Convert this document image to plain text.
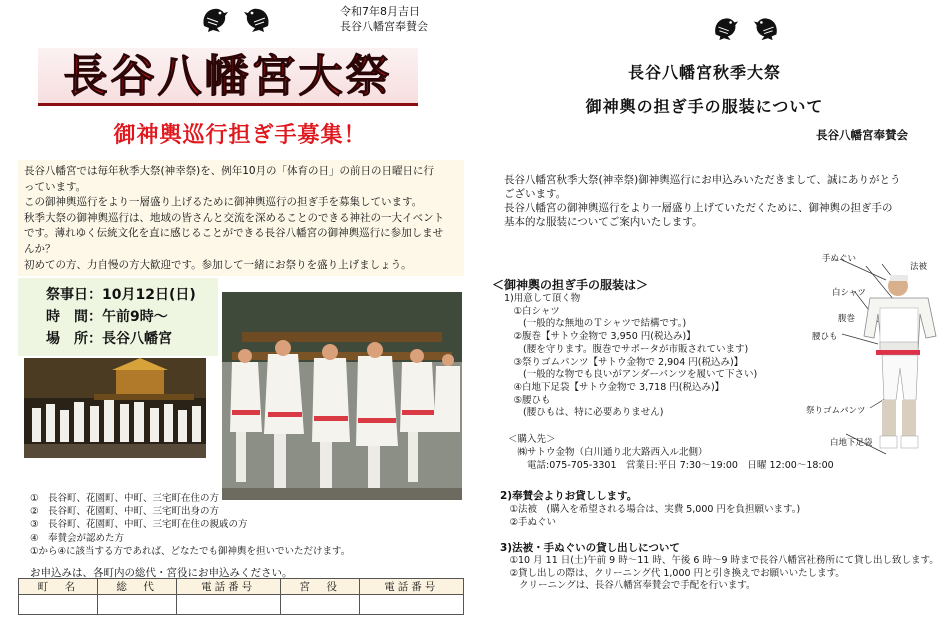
令和7年8月吉日
長谷八幡宮奉賛会
長谷八幡宮大祭
御神輿巡行担ぎ手募集！

長谷八幡宮では毎年秋季大祭(神幸祭)を、例年10月の「体育の日」の前日の日曜日に行

っています。

この御神輿巡行をより一層盛り上げるために御神輿巡行の担ぎ手を募集しています。

秋季大祭の御神輿巡行は、地域の皆さんと交流を深めることのできる神社の一大イベント

です。薄れゆく伝統文化を直に感じることができる長谷八幡宮の御神輿巡行に参加しませ

んか？

初めての方、力自慢の方大歓迎です。参加して一緒にお祭りを盛り上げましょう。

祭事日：10月12日(日)
時　間：午前9時～
場　所：長谷八幡宮
①　長谷町、花園町、中町、三宅町在住の方
②　長谷町、花園町、中町、三宅町出身の方
③　長谷町、花園町、中町、三宅町在住の親戚の方
④　奉賛会が認めた方
①から④に該当する方であれば、どなたでも御神輿を担いでいただけます。
お申込みは、各町内の総代・宮役にお申込みください。
町　名	総　代	電話番号	宮　役	電話番号

長谷八幡宮秋季大祭
御神輿の担ぎ手の服装について
長谷八幡宮奉賛会

長谷八幡宮秋季大祭(神幸祭)御神輿巡行にお申込みいただきまして、誠にありがとう

ございます。

長谷八幡宮の御神輿巡行をより一層盛り上げていただくために、御神輿の担ぎ手の

基本的な服装についてご案内いたします。

＜御神輿の担ぎ手の服装は＞
1)用意して頂く物
　①白シャツ
　　(一般的な無地のＴシャツで結構です。)
　②腹巻【サトウ金物で 3,950 円(税込み)】
　　(腰を守ります。腹巻でサポータが市販されています)
　③祭りゴムパンツ【サトウ金物で 2,904 円(税込み)】
　　(一般的な物でも良いがアンダーパンツを履いて下さい)
　④白地下足袋【サトウ金物で 3,718 円(税込み)】
　⑤腰ひも
　　(腰ひもは、特に必要ありません)
＜購入先＞
　㈱サトウ金物（白川通り北大路西入ル北側）
　　電話:075-705-3301　営業日:平日 7:30～19:00　日曜 12:00～18:00
2)奉賛会よりお貸しします。
　①法被　(購入を希望される場合は、実費 5,000 円を負担願います。)
　②手ぬぐい
3)法被・手ぬぐいの貸し出しについて
　①10 月 11 日(土)午前 9 時～11 時、午後 6 時～9 時まで長谷八幡宮社務所にて貸し出し致します。
　②貸し出しの際は、クリーニング代 1,000 円と引き換えでお願いいたします。
　　クリーニングは、長谷八幡宮奉賛会で手配を行います。
手ぬぐい
法被
白シャツ
腹巻
腰ひも
祭りゴムパンツ
白地下足袋
